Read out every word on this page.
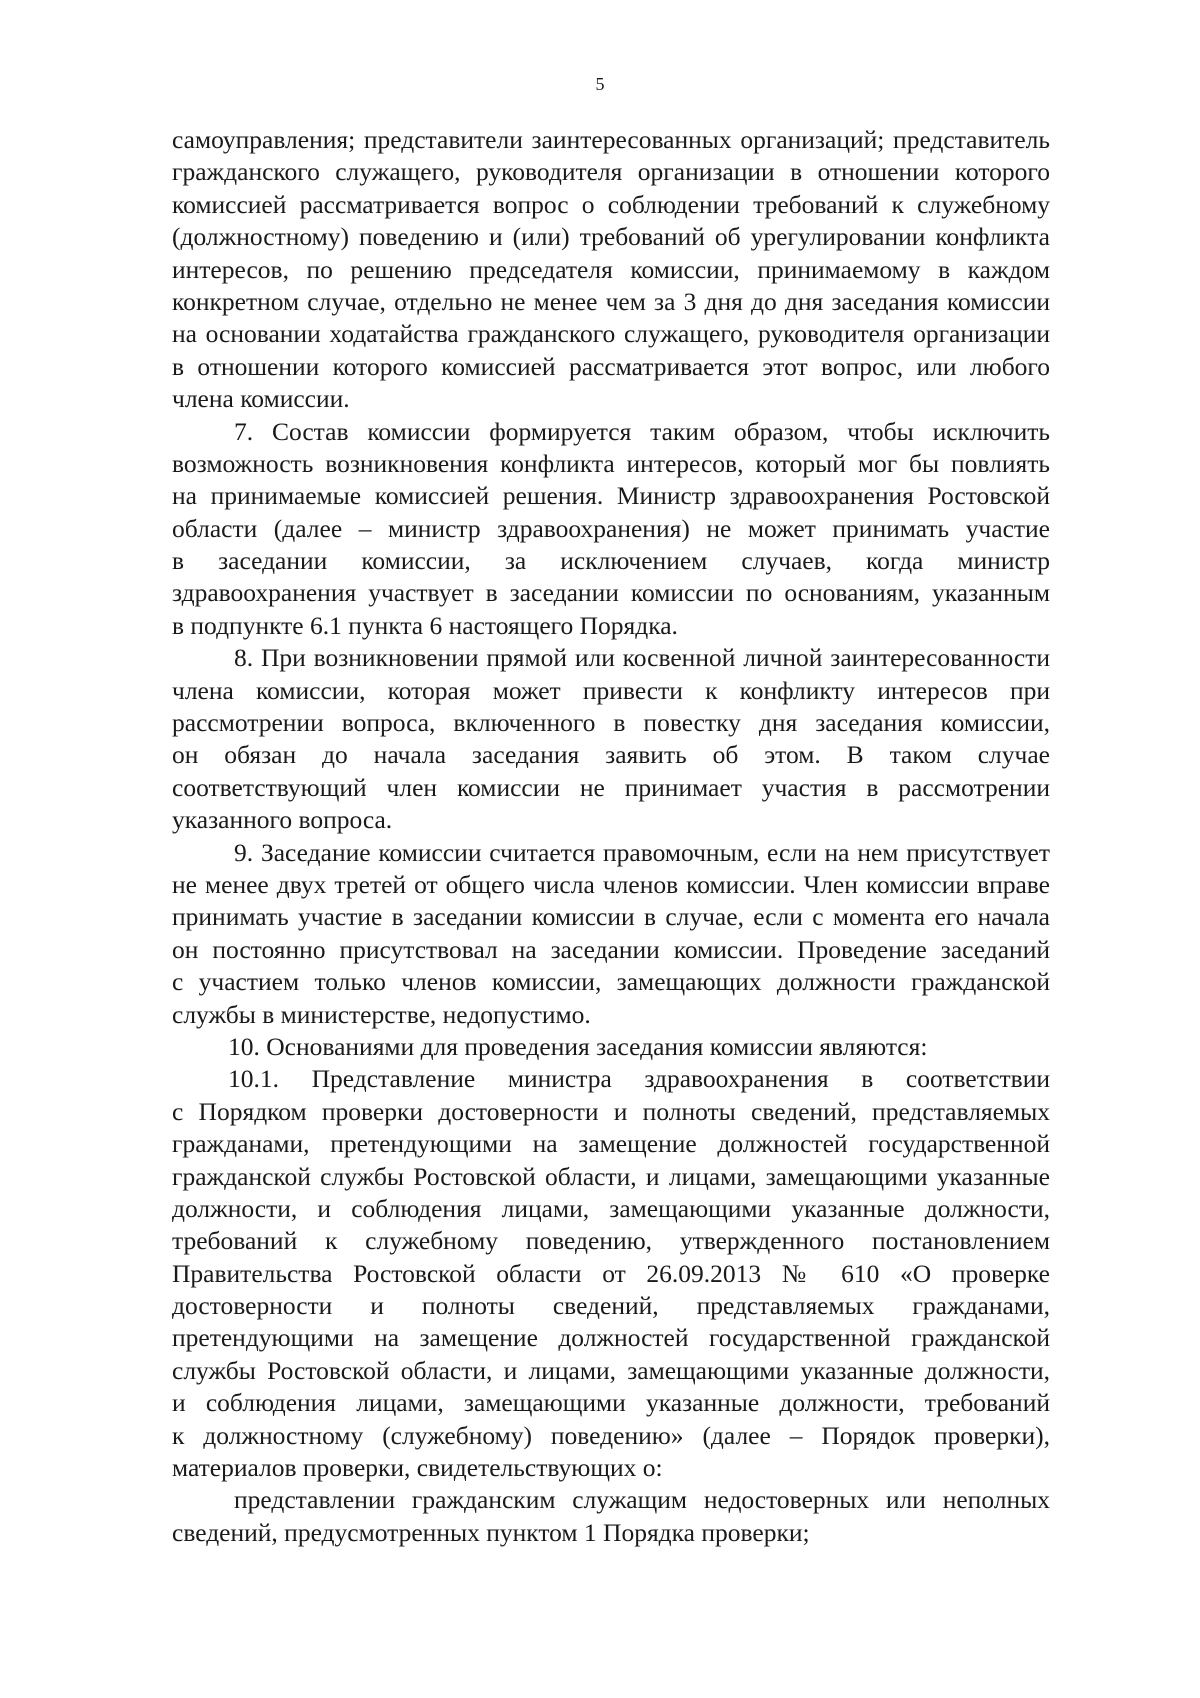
5
самоуправления; представители заинтересованных организаций; представитель
гражданского служащего, руководителя организации в отношении которого
комиссией рассматривается вопрос о соблюдении требований к служебному
(должностному) поведению и (или) требований об урегулировании конфликта
интересов, по решению председателя комиссии, принимаемому в каждом
конкретном случае, отдельно не менее чем за 3 дня до дня заседания комиссии
на основании ходатайства гражданского служащего, руководителя организации
в отношении которого комиссией рассматривается этот вопрос, или любого
члена комиссии.
7. Состав комиссии формируется таким образом, чтобы исключить
возможность возникновения конфликта интересов, который мог бы повлиять
на принимаемые комиссией решения. Министр здравоохранения Ростовской
области (далее – министр здравоохранения) не может принимать участие
в заседании комиссии, за исключением случаев, когда министр
здравоохранения участвует в заседании комиссии по основаниям, указанным
в подпункте 6.1 пункта 6 настоящего Порядка.
8. При возникновении прямой или косвенной личной заинтересованности
члена комиссии, которая может привести к конфликту интересов при
рассмотрении вопроса, включенного в повестку дня заседания комиссии,
он обязан до начала заседания заявить об этом. В таком случае
соответствующий член комиссии не принимает участия в рассмотрении
указанного вопроса.
9. Заседание комиссии считается правомочным, если на нем присутствует
не менее двух третей от общего числа членов комиссии. Член комиссии вправе
принимать участие в заседании комиссии в случае, если с момента его начала
он постоянно присутствовал на заседании комиссии. Проведение заседаний
с участием только членов комиссии, замещающих должности гражданской
службы в министерстве, недопустимо.
10. Основаниями для проведения заседания комиссии являются:
10.1. Представление министра здравоохранения в соответствии
с Порядком проверки достоверности и полноты сведений, представляемых
гражданами, претендующими на замещение должностей государственной
гражданской службы Ростовской области, и лицами, замещающими указанные
должности, и соблюдения лицами, замещающими указанные должности,
требований к служебному поведению, утвержденного постановлением
Правительства Ростовской области от 26.09.2013 № 610 «О проверке
достоверности и полноты сведений, представляемых гражданами,
претендующими на замещение должностей государственной гражданской
службы Ростовской области, и лицами, замещающими указанные должности,
и соблюдения лицами, замещающими указанные должности, требований
к должностному (служебному) поведению» (далее – Порядок проверки),
материалов проверки, свидетельствующих о:
представлении гражданским служащим недостоверных или неполных
сведений, предусмотренных пунктом 1 Порядка проверки;
